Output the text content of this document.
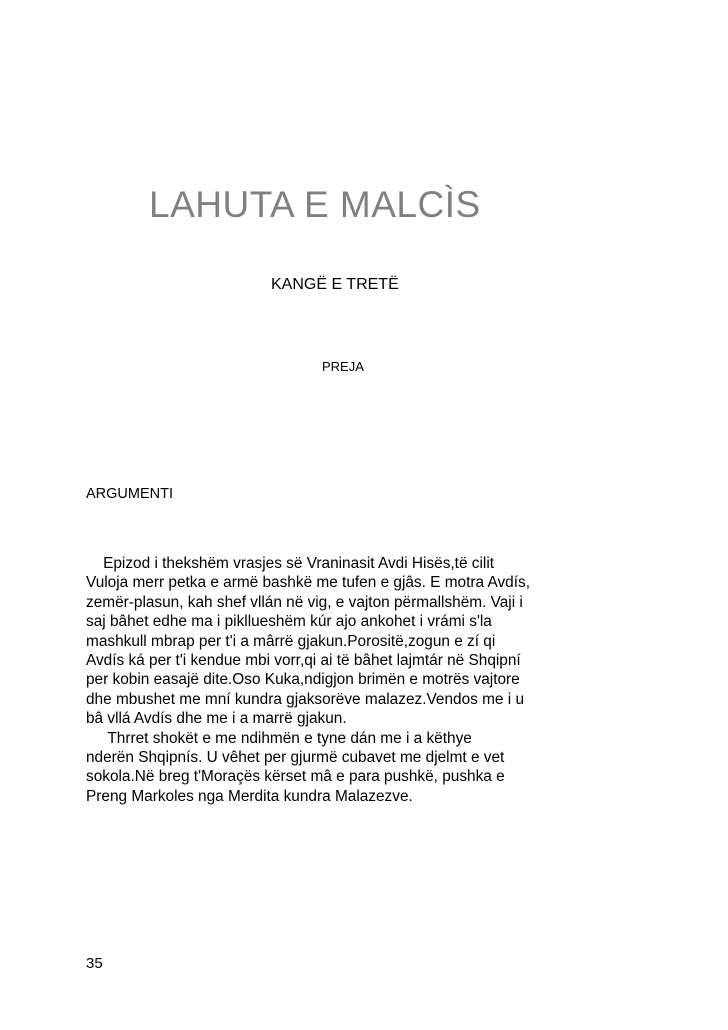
LAHUTA E MALCÌS
KANGË E TRETË
PREJA
ARGUMENTI
Epizod i thekshëm vrasjes së Vraninasit Avdi Hisës,të cilit
Vuloja merr petka e armë bashkë me tufen e gjâs. E motra Avdís,
zemër-plasun, kah shef vllán në vig, e vajton përmallshëm. Vaji i
saj bâhet edhe ma i piklluеshëm kúr ajo ankohet i vrámi s'la
mashkull mbrap per t'i a mârrë gjakun.Porositë,zogun e zí qi
Avdís ká per t'i kendue mbi vorr,qi ai të bâhet lajmtár në Shqipní
per kobin easajë dite.Oso Kuka,ndigjon brimën e motrës vajtore
dhe mbushet me mní kundra gjaksorëve malazez.Vendos me i u
bâ vllá Avdís dhe me i a marrë gjakun.
Thrret shokët e me ndihmën e tyne dán me i a këthye
nderën Shqipnís. U vêhet per gjurmë cubavet me djelmt e vet
sokola.Në breg t'Moraçës kërset mâ e para pushkë, pushka e
Preng Markoles nga Merdita kundra Malazezve.
35
